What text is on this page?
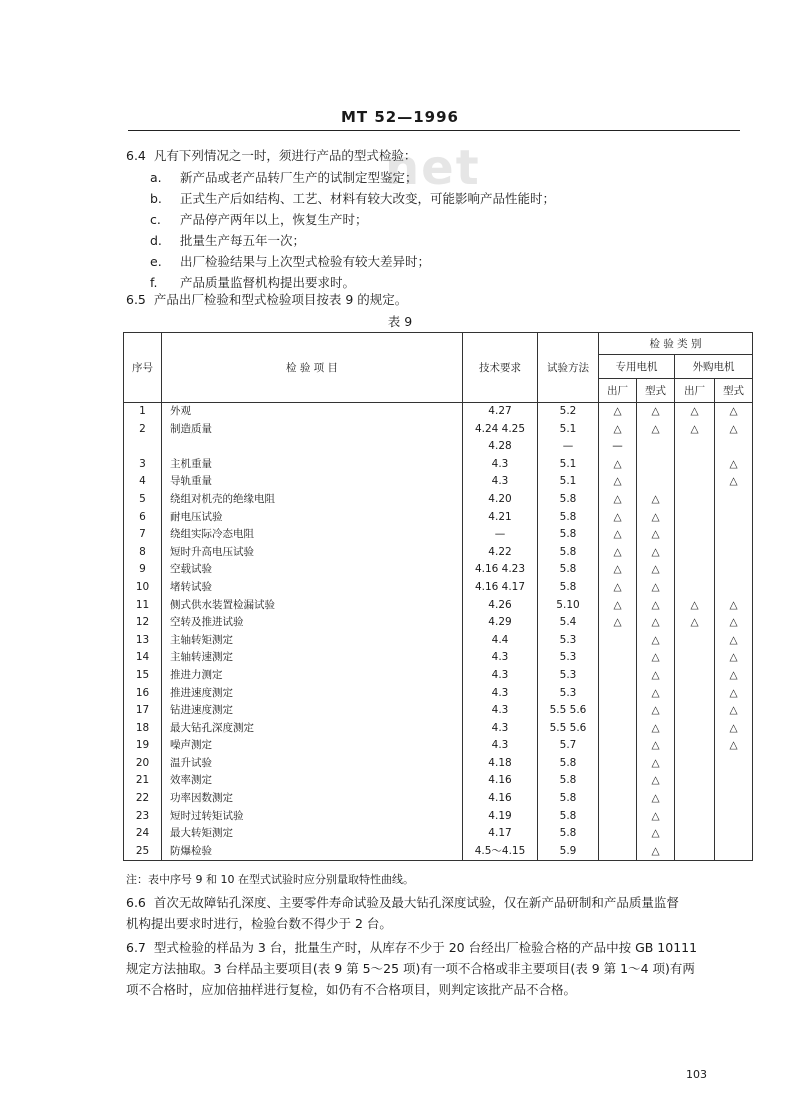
MT 52—1996
net
6.4 凡有下列情况之一时，须进行产品的型式检验：
a. 新产品或老产品转厂生产的试制定型鉴定；
b. 正式生产后如结构、工艺、材料有较大改变，可能影响产品性能时；
c. 产品停产两年以上，恢复生产时；
d. 批量生产每五年一次；
e. 出厂检验结果与上次型式检验有较大差异时；
f. 产品质量监督机构提出要求时。
6.5 产品出厂检验和型式检验项目按表 9 的规定。
表 9
序号	检 验 项 目	技术要求	试验方法	检 验 类 别			
				专用电机		外购电机	
				出厂	型式	出厂	型式
1	外观	4.27	5.2	△	△	△	△
2	制造质量	4.24 4.25	5.1	△	△	△	△
		4.28	—	—			
3	主机重量	4.3	5.1	△			△
4	导轨重量	4.3	5.1	△			△
5	绕组对机壳的绝缘电阻	4.20	5.8	△	△		
6	耐电压试验	4.21	5.8	△	△		
7	绕组实际冷态电阻	—	5.8	△	△		
8	短时升高电压试验	4.22	5.8	△	△		
9	空载试验	4.16 4.23	5.8	△	△		
10	堵转试验	4.16 4.17	5.8	△	△		
11	侧式供水装置检漏试验	4.26	5.10	△	△	△	△
12	空转及推进试验	4.29	5.4	△	△	△	△
13	主轴转矩测定	4.4	5.3		△		△
14	主轴转速测定	4.3	5.3		△		△
15	推进力测定	4.3	5.3		△		△
16	推进速度测定	4.3	5.3		△		△
17	钻进速度测定	4.3	5.5 5.6		△		△
18	最大钻孔深度测定	4.3	5.5 5.6		△		△
19	噪声测定	4.3	5.7		△		△
20	温升试验	4.18	5.8		△		
21	效率测定	4.16	5.8		△		
22	功率因数测定	4.16	5.8		△		
23	短时过转矩试验	4.19	5.8		△		
24	最大转矩测定	4.17	5.8		△		
25	防爆检验	4.5～4.15	5.9		△		
注：表中序号 9 和 10 在型式试验时应分别量取特性曲线。
6.6 首次无故障钻孔深度、主要零件寿命试验及最大钻孔深度试验，仅在新产品研制和产品质量监督
机构提出要求时进行，检验台数不得少于 2 台。
6.7 型式检验的样品为 3 台，批量生产时，从库存不少于 20 台经出厂检验合格的产品中按 GB 10111
规定方法抽取。3 台样品主要项目(表 9 第 5～25 项)有一项不合格或非主要项目(表 9 第 1～4 项)有两
项不合格时，应加倍抽样进行复检，如仍有不合格项目，则判定该批产品不合格。
103
